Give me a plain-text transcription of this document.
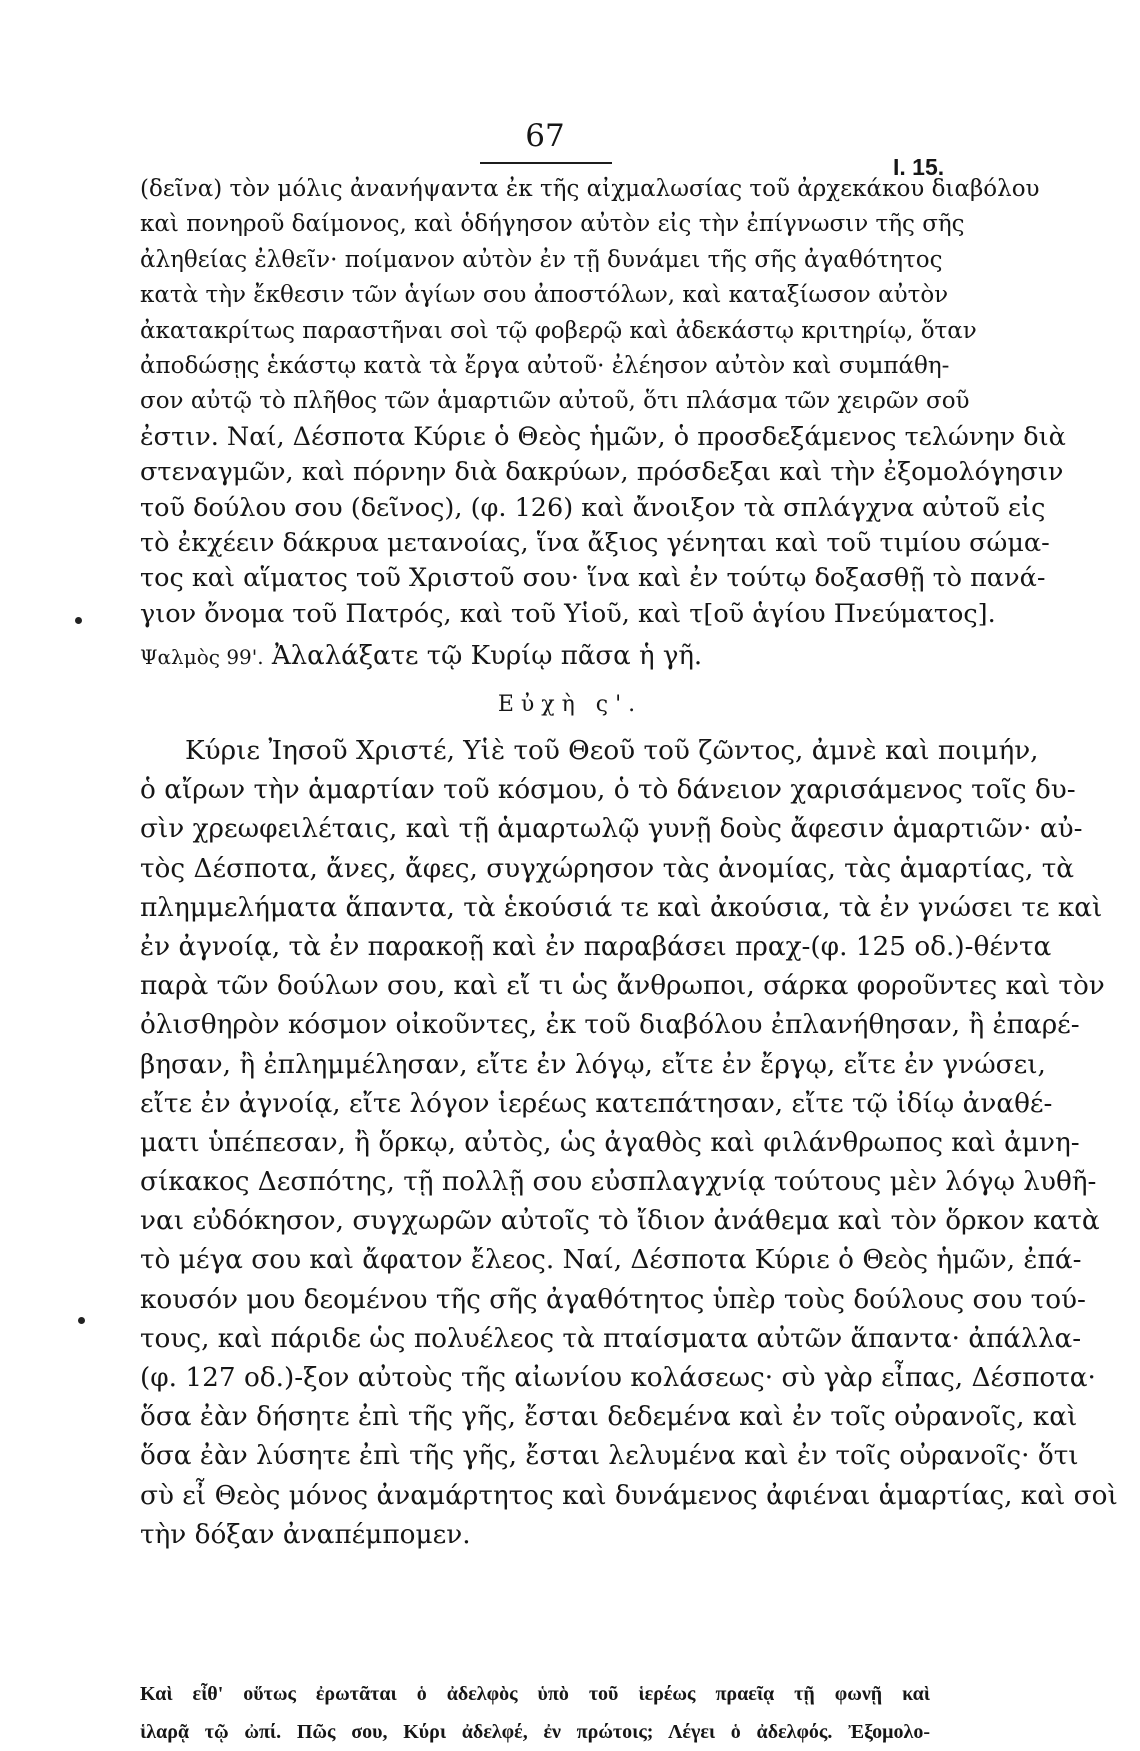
67
I. 15.
(δεῖνα) τὸν μόλις ἀνανήψαντα ἐκ τῆς αἰχμαλωσίας τοῦ ἀρχεκάκου διαβόλου
καὶ πονηροῦ δαίμονος, καὶ ὁδήγησον αὐτὸν εἰς τὴν ἐπίγνωσιν τῆς σῆς
ἀληθείας ἐλθεῖν· ποίμανον αὐτὸν ἐν τῇ δυνάμει τῆς σῆς ἀγαθότητος
κατὰ τὴν ἔκθεσιν τῶν ἁγίων σου ἀποστόλων, καὶ καταξίωσον αὐτὸν
ἀκατακρίτως παραστῆναι σοὶ τῷ φοβερῷ καὶ ἀδεκάστῳ κριτηρίῳ, ὅταν
ἀποδώσῃς ἑκάστῳ κατὰ τὰ ἔργα αὐτοῦ· ἐλέησον αὐτὸν καὶ συμπάθη-
σον αὐτῷ τὸ πλῆθος τῶν ἁμαρτιῶν αὐτοῦ, ὅτι πλάσμα τῶν χειρῶν σοῦ
ἐστιν. Ναί, Δέσποτα Κύριε ὁ Θεὸς ἡμῶν, ὁ προσδεξάμενος τελώνην διὰ
στεναγμῶν, καὶ πόρνην διὰ δακρύων, πρόσδεξαι καὶ τὴν ἐξομολόγησιν
τοῦ δούλου σου (δεῖνος), (φ. 126) καὶ ἄνοιξον τὰ σπλάγχνα αὐτοῦ εἰς
τὸ ἐκχέειν δάκρυα μετανοίας, ἵνα ἄξιος γένηται καὶ τοῦ τιμίου σώμα-
τος καὶ αἵματος τοῦ Χριστοῦ σου· ἵνα καὶ ἐν τούτῳ δοξασθῇ τὸ πανά-
γιον ὄνομα τοῦ Πατρός, καὶ τοῦ Υἱοῦ, καὶ τ[οῦ ἁγίου Πνεύματος].
Ψαλμὸς 99'. Ἀλαλάξατε τῷ Κυρίῳ πᾶσα ἡ γῆ.
Εὐχὴ ς'.
Κύριε Ἰησοῦ Χριστέ, Υἱὲ τοῦ Θεοῦ τοῦ ζῶντος, ἀμνὲ καὶ ποιμήν,
ὁ αἴρων τὴν ἁμαρτίαν τοῦ κόσμου, ὁ τὸ δάνειον χαρισάμενος τοῖς δυ-
σὶν χρεωφειλέταις, καὶ τῇ ἁμαρτωλῷ γυνῇ δοὺς ἄφεσιν ἁμαρτιῶν· αὐ-
τὸς Δέσποτα, ἄνες, ἄφες, συγχώρησον τὰς ἀνομίας, τὰς ἁμαρτίας, τὰ
πλημμελήματα ἅπαντα, τὰ ἑκούσιά τε καὶ ἀκούσια, τὰ ἐν γνώσει τε καὶ
ἐν ἀγνοίᾳ, τὰ ἐν παρακοῇ καὶ ἐν παραβάσει πραχ-(φ. 125 οδ.)-θέντα
παρὰ τῶν δούλων σου, καὶ εἴ τι ὡς ἄνθρωποι, σάρκα φοροῦντες καὶ τὸν
ὀλισθηρὸν κόσμον οἰκοῦντες, ἐκ τοῦ διαβόλου ἐπλανήθησαν, ἢ ἐπαρέ-
βησαν, ἢ ἐπλημμέλησαν, εἴτε ἐν λόγῳ, εἴτε ἐν ἔργῳ, εἴτε ἐν γνώσει,
εἴτε ἐν ἀγνοίᾳ, εἴτε λόγον ἱερέως κατεπάτησαν, εἴτε τῷ ἰδίῳ ἀναθέ-
ματι ὑπέπεσαν, ἢ ὅρκῳ, αὐτὸς, ὡς ἀγαθὸς καὶ φιλάνθρωπος καὶ ἀμνη-
σίκακος Δεσπότης, τῇ πολλῇ σου εὐσπλαγχνίᾳ τούτους μὲν λόγῳ λυθῆ-
ναι εὐδόκησον, συγχωρῶν αὐτοῖς τὸ ἴδιον ἀνάθεμα καὶ τὸν ὅρκον κατὰ
τὸ μέγα σου καὶ ἄφατον ἔλεος. Ναί, Δέσποτα Κύριε ὁ Θεὸς ἡμῶν, ἐπά-
κουσόν μου δεομένου τῆς σῆς ἀγαθότητος ὑπὲρ τοὺς δούλους σου τού-
τους, καὶ πάριδε ὡς πολυέλεος τὰ πταίσματα αὐτῶν ἅπαντα· ἀπάλλα-
(φ. 127 οδ.)-ξον αὐτοὺς τῆς αἰωνίου κολάσεως· σὺ γὰρ εἶπας, Δέσποτα·
ὅσα ἐὰν δήσητε ἐπὶ τῆς γῆς, ἔσται δεδεμένα καὶ ἐν τοῖς οὐρανοῖς, καὶ
ὅσα ἐὰν λύσητε ἐπὶ τῆς γῆς, ἔσται λελυμένα καὶ ἐν τοῖς οὐρανοῖς· ὅτι
σὺ εἶ Θεὸς μόνος ἀναμάρτητος καὶ δυνάμενος ἀφιέναι ἁμαρτίας, καὶ σοὶ
τὴν δόξαν ἀναπέμπομεν.
Καὶ εἶθ' οὕτως ἐρωτᾶται ὁ ἀδελφὸς ὑπὸ τοῦ ἱερέως πραεῖᾳ τῇ φωνῇ καὶ
ἱλαρᾷ τῷ ὠπί. Πῶς σου, Κύρι ἀδελφέ, ἐν πρώτοις; Λέγει ὁ ἀδελφός. Ἐξομολο-
